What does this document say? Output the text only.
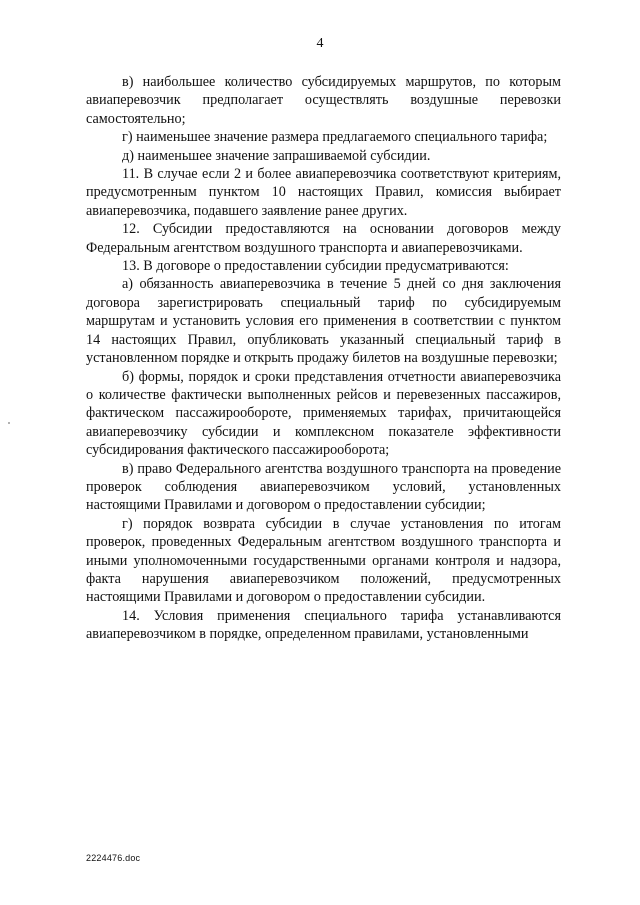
4

в) наибольшее количество субсидируемых маршрутов, по которым авиаперевозчик предполагает осуществлять воздушные перевозки самостоятельно;

г) наименьшее значение размера предлагаемого специального тарифа;

д) наименьшее значение запрашиваемой субсидии.

11. В случае если 2 и более авиаперевозчика соответствуют критериям, предусмотренным пунктом 10 настоящих Правил, комиссия выбирает авиаперевозчика, подавшего заявление ранее других.

12. Субсидии предоставляются на основании договоров между Федеральным агентством воздушного транспорта и авиаперевозчиками.

13. В договоре о предоставлении субсидии предусматриваются:

а) обязанность авиаперевозчика в течение 5 дней со дня заключения договора зарегистрировать специальный тариф по субсидируемым маршрутам и установить условия его применения в соответствии с пунктом 14 настоящих Правил, опубликовать указанный специальный тариф в установленном порядке и открыть продажу билетов на воздушные перевозки;

б) формы, порядок и сроки представления отчетности авиаперевозчика о количестве фактически выполненных рейсов и перевезенных пассажиров, фактическом пассажирообороте, применяемых тарифах, причитающейся авиаперевозчику субсидии и комплексном показателе эффективности субсидирования фактического пассажирооборота;

в) право Федерального агентства воздушного транспорта на проведение проверок соблюдения авиаперевозчиком условий, установленных настоящими Правилами и договором о предоставлении субсидии;

г) порядок возврата субсидии в случае установления по итогам проверок, проведенных Федеральным агентством воздушного транспорта и иными уполномоченными государственными органами контроля и надзора, факта нарушения авиаперевозчиком положений, предусмотренных настоящими Правилами и договором о предоставлении субсидии.

14. Условия применения специального тарифа устанавливаются авиаперевозчиком в порядке, определенном правилами, установленными

2224476.doc
